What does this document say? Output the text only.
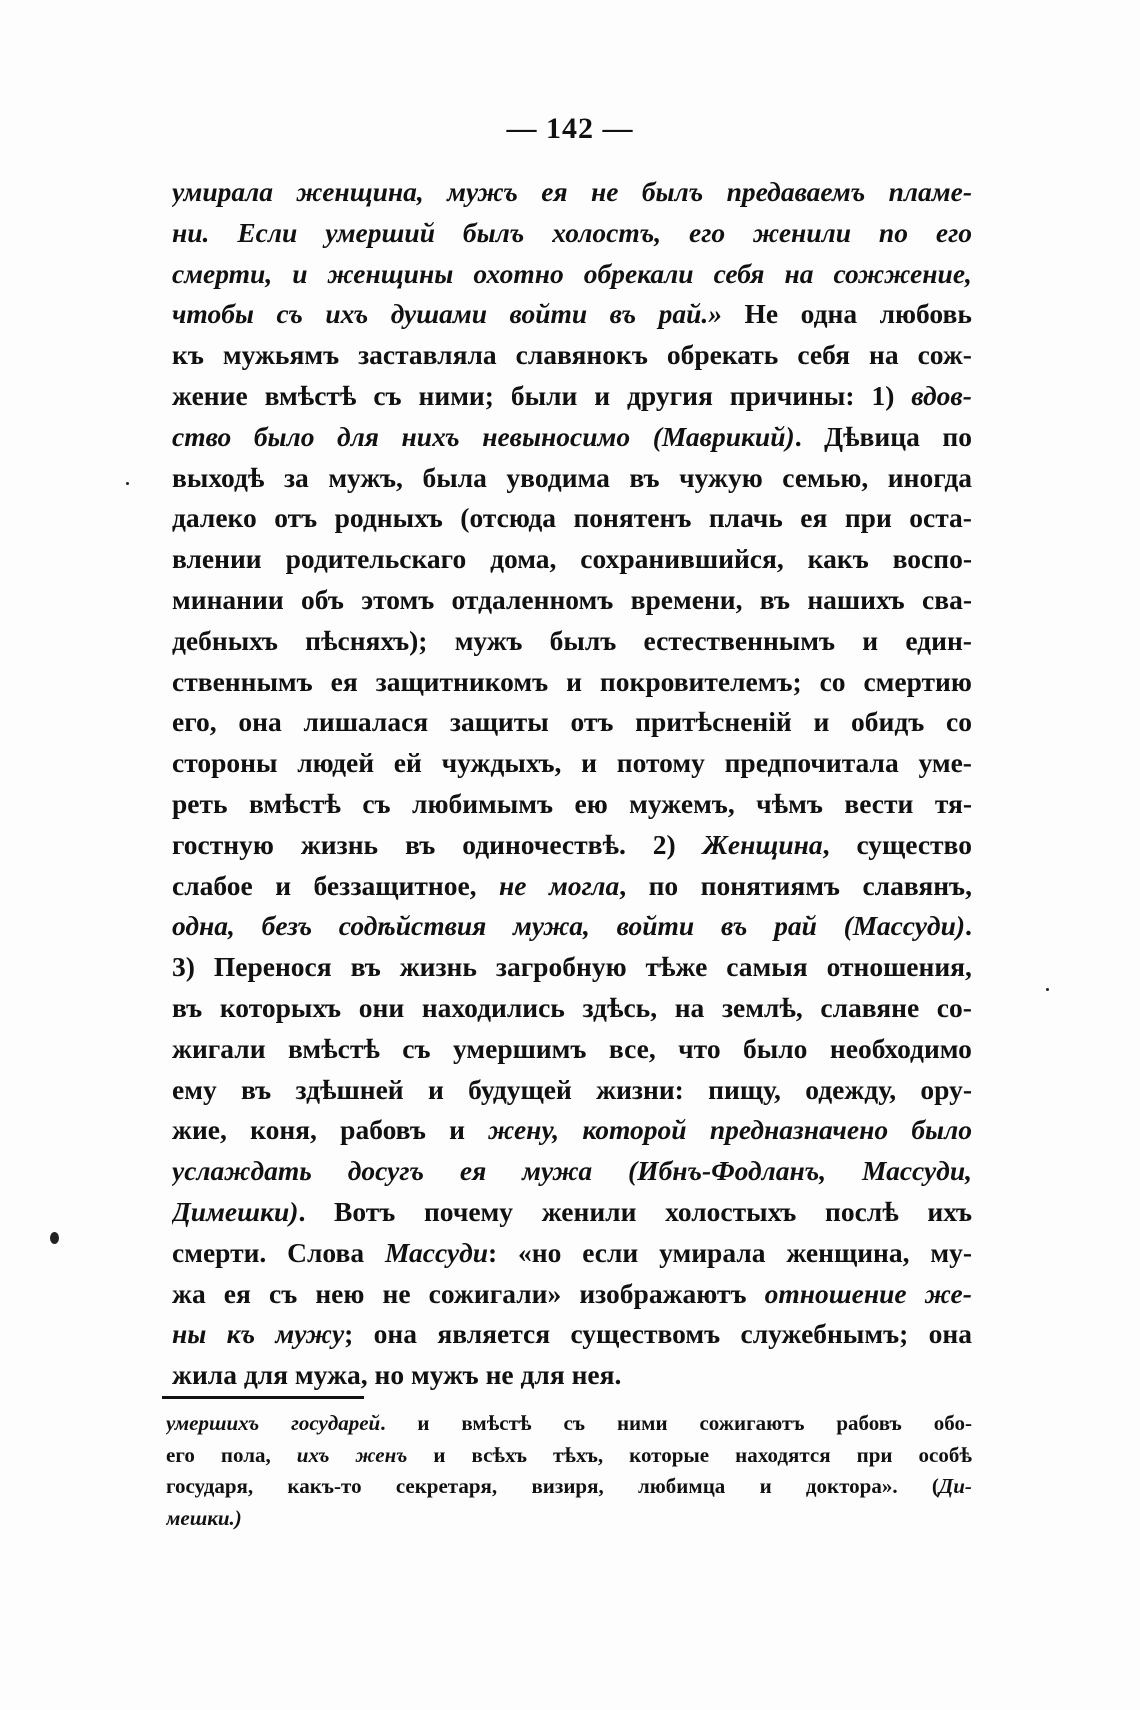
— 142 —
умирала женщина, мужъ ея не былъ предаваемъ пламе-
ни. Если умерший былъ холостъ, его женили по его
смерти, и женщины охотно обрекали себя на сожжение,
чтобы съ ихъ душами войти въ рай.» Не одна любовь
къ мужьямъ заставляла славянокъ обрекать себя на сож-
жение вмѣстѣ съ ними; были и другия причины: 1) вдов-
ство было для нихъ невыносимо (Маврикий). Дѣвица по
выходѣ за мужъ, была уводима въ чужую семью, иногда
далеко отъ родныхъ (отсюда понятенъ плачь ея при оста-
влении родительскаго дома, сохранившийся, какъ воспо-
минании объ этомъ отдаленномъ времени, въ нашихъ сва-
дебныхъ пѣсняхъ); мужъ былъ естественнымъ и един-
ственнымъ ея защитникомъ и покровителемъ; со смертию
его, она лишалася защиты отъ притѣсненiй и обидъ со
стороны людей ей чуждыхъ, и потому предпочитала уме-
реть вмѣстѣ съ любимымъ ею мужемъ, чѣмъ вести тя-
гостную жизнь въ одиночествѣ. 2) Женщина, существо
слабое и беззащитное, не могла, по понятиямъ славянъ,
одна, безъ содѣйствия мужа, войти въ рай (Массуди).
3) Перенося въ жизнь загробную тѣже самыя отношения,
въ которыхъ они находились здѣсь, на землѣ, славяне со-
жигали вмѣстѣ съ умершимъ все, что было необходимо
ему въ здѣшней и будущей жизни: пищу, одежду, ору-
жие, коня, рабовъ и жену, которой предназначено было
услаждать досугъ ея мужа (Ибнъ-Фодланъ, Массуди,
Димешки). Вотъ почему женили холостыхъ послѣ ихъ
смерти. Слова Массуди: «но если умирала женщина, му-
жа ея съ нею не сожигали» изображаютъ отношение же-
ны къ мужу; она является существомъ служебнымъ; она
жила для мужа, но мужъ не для нея.
умершихъ государей. и вмѣстѣ съ ними сожигаютъ рабовъ обо-
его пола, ихъ женъ и всѣхъ тѣхъ, которые находятся при особѣ
государя, какъ-то секретаря, визиря, любимца и доктора». (Ди-
мешки.)
